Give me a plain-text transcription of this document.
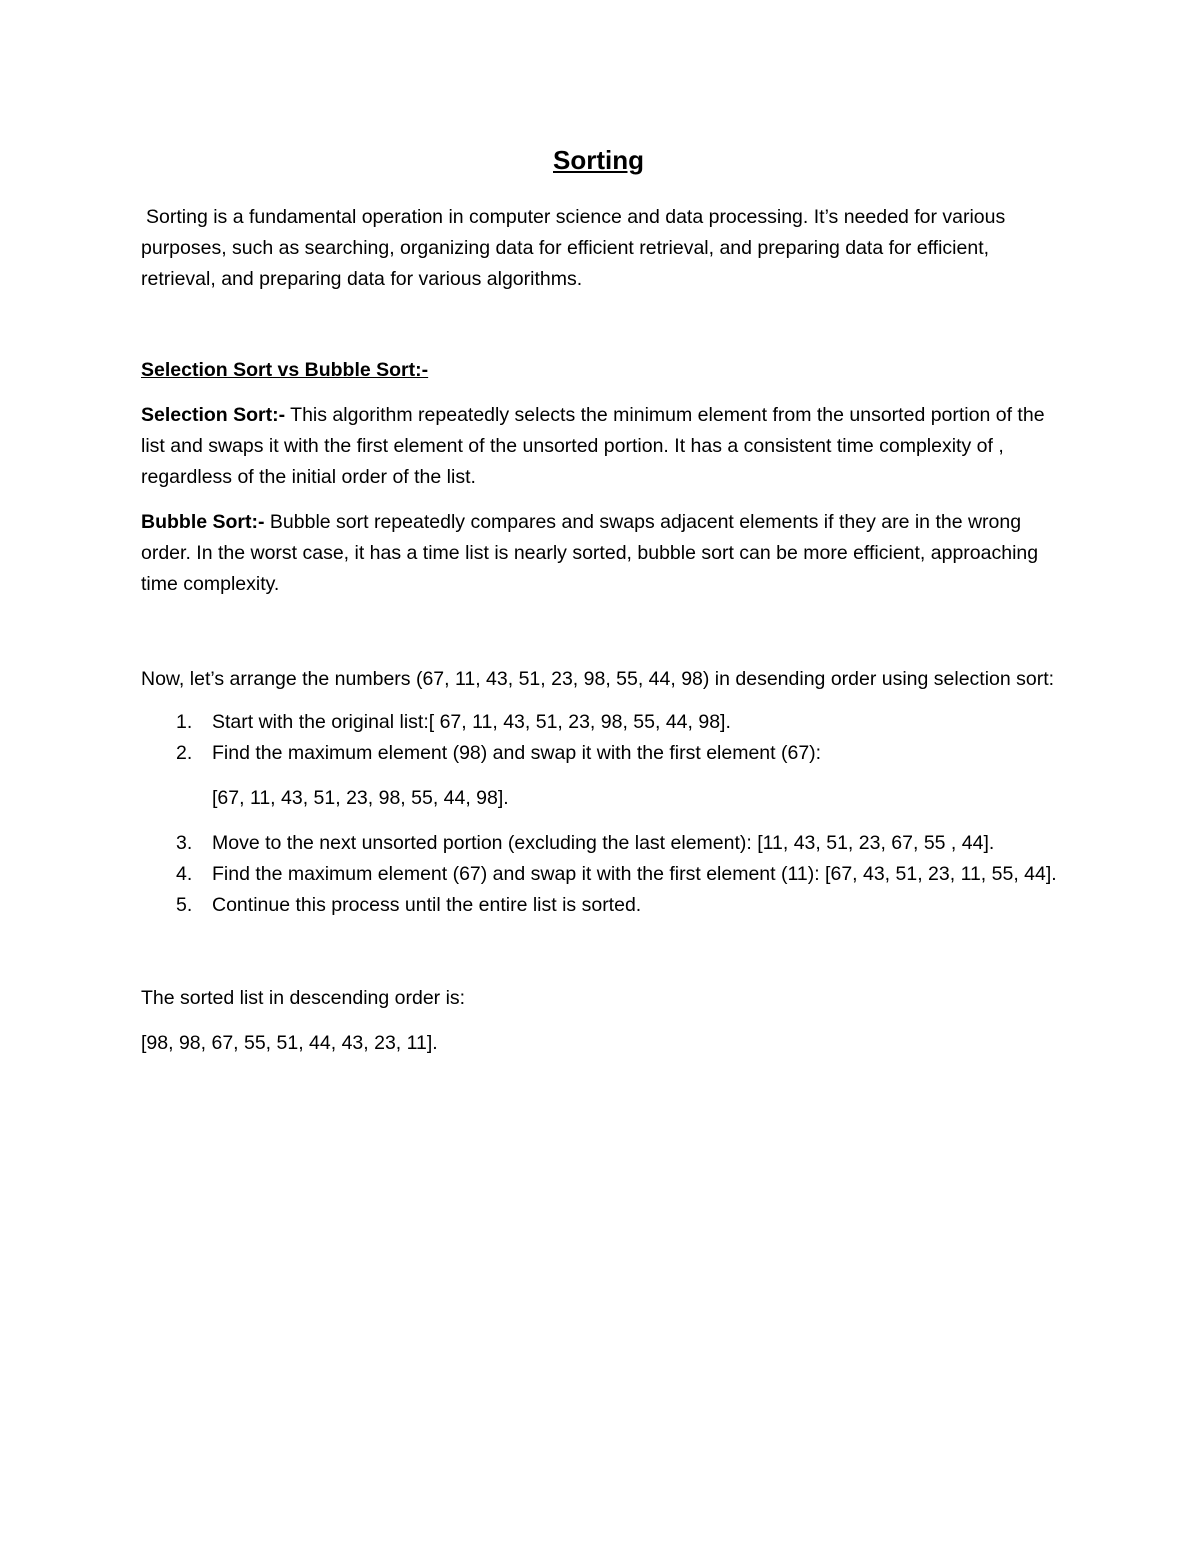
Sorting

Sorting is a fundamental operation in computer science and data processing. It’s needed for various purposes, such as searching, organizing data for efficient retrieval, and preparing data for efficient, retrieval, and preparing data for various algorithms.

Selection Sort vs Bubble Sort:-

Selection Sort:- This algorithm repeatedly selects the minimum element from the unsorted portion of the list and swaps it with the first element of the unsorted portion. It has a consistent time complexity of , regardless of the initial order of the list.

Bubble Sort:- Bubble sort repeatedly compares and swaps adjacent elements if they are in the wrong order. In the worst case, it has a time list is nearly sorted, bubble sort can be more efficient, approaching time complexity.

Now, let’s arrange the numbers (67, 11, 43, 51, 23, 98, 55, 44, 98) in desending order using selection sort:

1. Start with the original list:[ 67, 11, 43, 51, 23, 98, 55, 44, 98].
2. Find the maximum element (98) and swap it with the first element (67):
[67, 11, 43, 51, 23, 98, 55, 44, 98].
3. Move to the next unsorted portion (excluding the last element): [11, 43, 51, 23, 67, 55 , 44].
4. Find the maximum element (67) and swap it with the first element (11): [67, 43, 51, 23, 11, 55, 44].
5. Continue this process until the entire list is sorted.

The sorted list in descending order is:

[98, 98, 67, 55, 51, 44, 43, 23, 11].
